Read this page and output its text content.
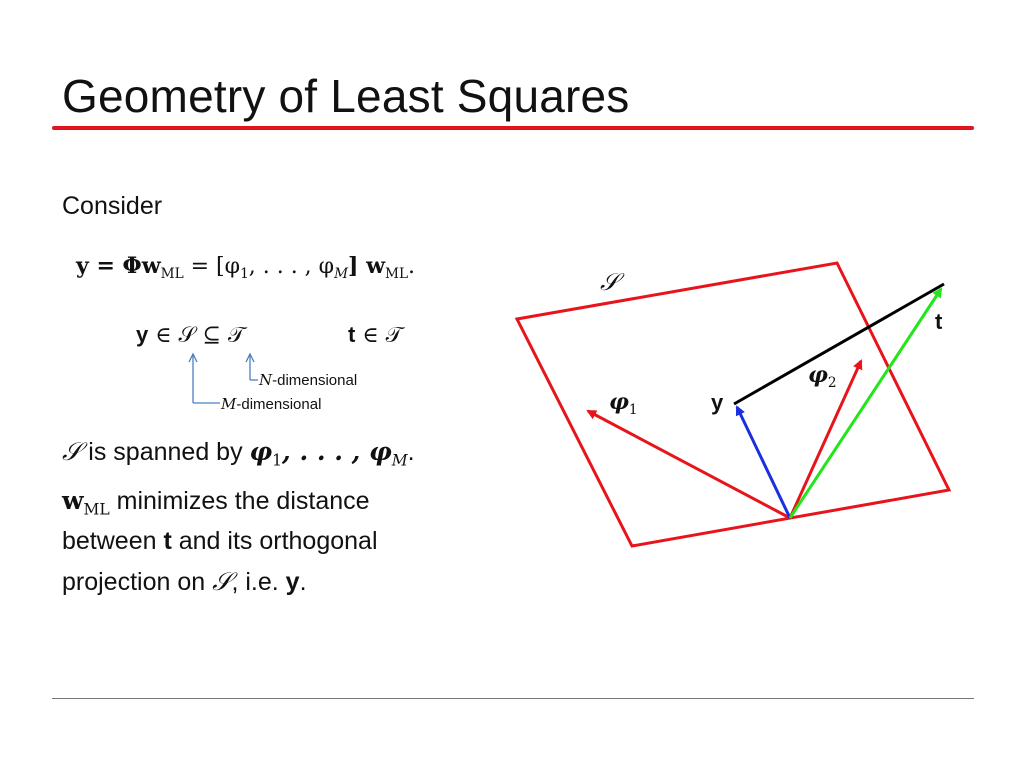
Geometry of Least Squares
Consider
$y = \Phi w_{ML} = [\varphi_1$, . . . , $\varphi_M$] $w_{ML}$.
y ∈ 𝒮 ⊆ 𝒯	t ∈ 𝒯
N-dimensional
M-dimensional
𝒮 is spanned by $\varphi_1$, . . . , $\varphi_M$.
$w_{ML}$ minimizes the distance
between t and its orthogonal
projection on 𝒮, i.e. y.
𝒮
t
y
$\varphi_1$
$\varphi_2$
